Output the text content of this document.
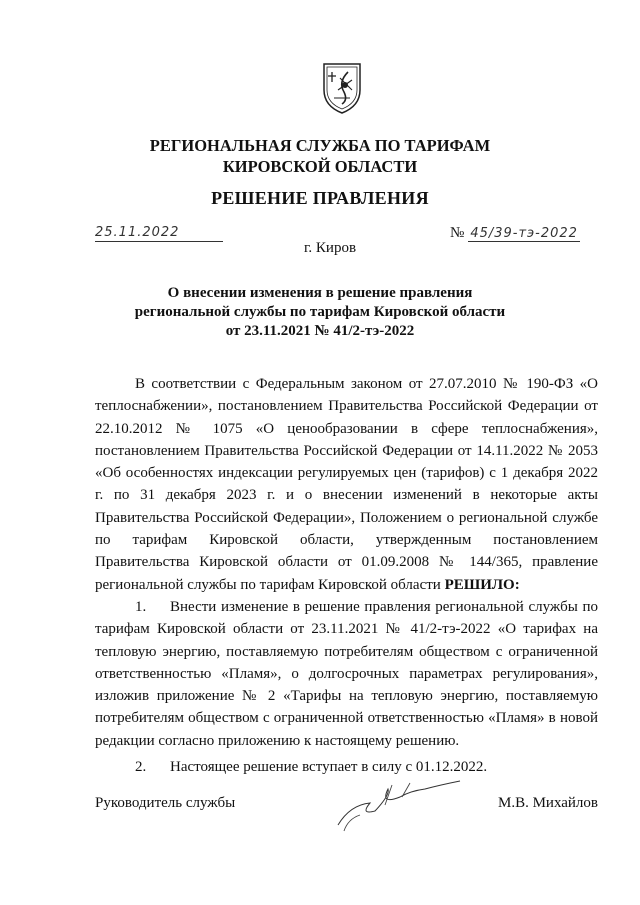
РЕГИОНАЛЬНАЯ СЛУЖБА ПО ТАРИФАМ
КИРОВСКОЙ ОБЛАСТИ
РЕШЕНИЕ ПРАВЛЕНИЯ
25.11.2022	№ 45/39-тэ-2022
г. Киров
О внесении изменения в решение правления
региональной службы по тарифам Кировской области
от 23.11.2021 № 41/2-тэ-2022

В соответствии с Федеральным законом от 27.07.2010 № 190-ФЗ «О теплоснабжении», постановлением Правительства Российской Федерации от 22.10.2012 № 1075 «О ценообразовании в сфере теплоснабжения», постановлением Правительства Российской Федерации от 14.11.2022 № 2053 «Об особенностях индексации регулируемых цен (тарифов) с 1 декабря 2022 г. по 31 декабря 2023 г. и о внесении изменений в некоторые акты Правительства Российской Федерации», Положением о региональной службе по тарифам Кировской области, утвержденным постановлением Правительства Кировской области от 01.09.2008 № 144/365, правление региональной службы по тарифам Кировской области РЕШИЛО:

1. Внести изменение в решение правления региональной службы по тарифам Кировской области от 23.11.2021 № 41/2-тэ-2022 «О тарифах на тепловую энергию, поставляемую потребителям обществом с ограниченной ответственностью «Пламя», о долгосрочных параметрах регулирования», изложив приложение № 2 «Тарифы на тепловую энергию, поставляемую потребителям обществом с ограниченной ответственностью «Пламя» в новой редакции согласно приложению к настоящему решению.

2. Настоящее решение вступает в силу с 01.12.2022.

Руководитель службы	М.В. Михайлов
